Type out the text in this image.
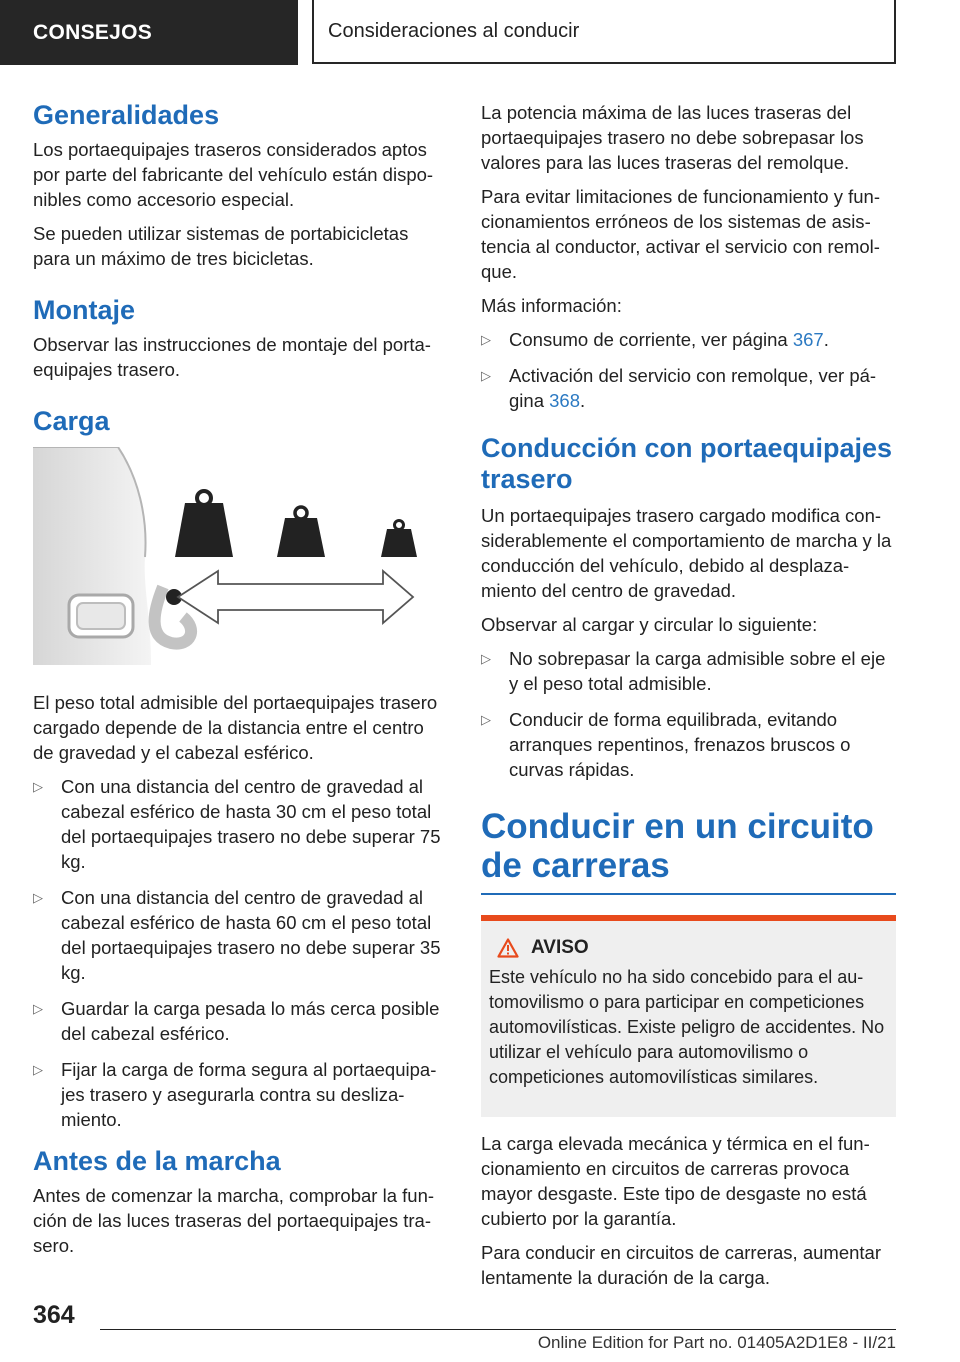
CONSEJOS	Consideraciones al conducir
Generalidades

Los portaequipajes traseros considerados aptos por parte del fabricante del vehículo están disponibles como accesorio especial.

Se pueden utilizar sistemas de portabicicletas para un máximo de tres bicicletas.

Montaje

Observar las instrucciones de montaje del portaequipajes trasero.

Carga

El peso total admisible del portaequipajes trasero cargado depende de la distancia entre el centro de gravedad y el cabezal esférico.

▷ Con una distancia del centro de gravedad al cabezal esférico de hasta 30 cm el peso total del portaequipajes trasero no debe superar 75 kg.
▷ Con una distancia del centro de gravedad al cabezal esférico de hasta 60 cm el peso total del portaequipajes trasero no debe superar 35 kg.
▷ Guardar la carga pesada lo más cerca posible del cabezal esférico.
▷ Fijar la carga de forma segura al portaequipajes trasero y asegurarla contra su deslizamiento.
Antes de la marcha

Antes de comenzar la marcha, comprobar la función de las luces traseras del portaequipajes trasero.

La potencia máxima de las luces traseras del portaequipajes trasero no debe sobrepasar los valores para las luces traseras del remolque.

Para evitar limitaciones de funcionamiento y funcionamientos erróneos de los sistemas de asistencia al conductor, activar el servicio con remolque.

Más información:

▷ Consumo de corriente, ver página 367.
▷ Activación del servicio con remolque, ver página 368.
Conducción con portaequipajes trasero

Un portaequipajes trasero cargado modifica considerablemente el comportamiento de marcha y la conducción del vehículo, debido al desplazamiento del centro de gravedad.

Observar al cargar y circular lo siguiente:

▷ No sobrepasar la carga admisible sobre el eje y el peso total admisible.
▷ Conducir de forma equilibrada, evitando arranques repentinos, frenazos bruscos o curvas rápidas.
Conducir en un circuito de carreras
AVISO

Este vehículo no ha sido concebido para el automovilismo o para participar en competiciones automovilísticas. Existe peligro de accidentes. No utilizar el vehículo para automovilismo o competiciones automovilísticas similares.

La carga elevada mecánica y térmica en el funcionamiento en circuitos de carreras provoca mayor desgaste. Este tipo de desgaste no está cubierto por la garantía.

Para conducir en circuitos de carreras, aumentar lentamente la duración de la carga.

364
Online Edition for Part no. 01405A2D1E8 - II/21
